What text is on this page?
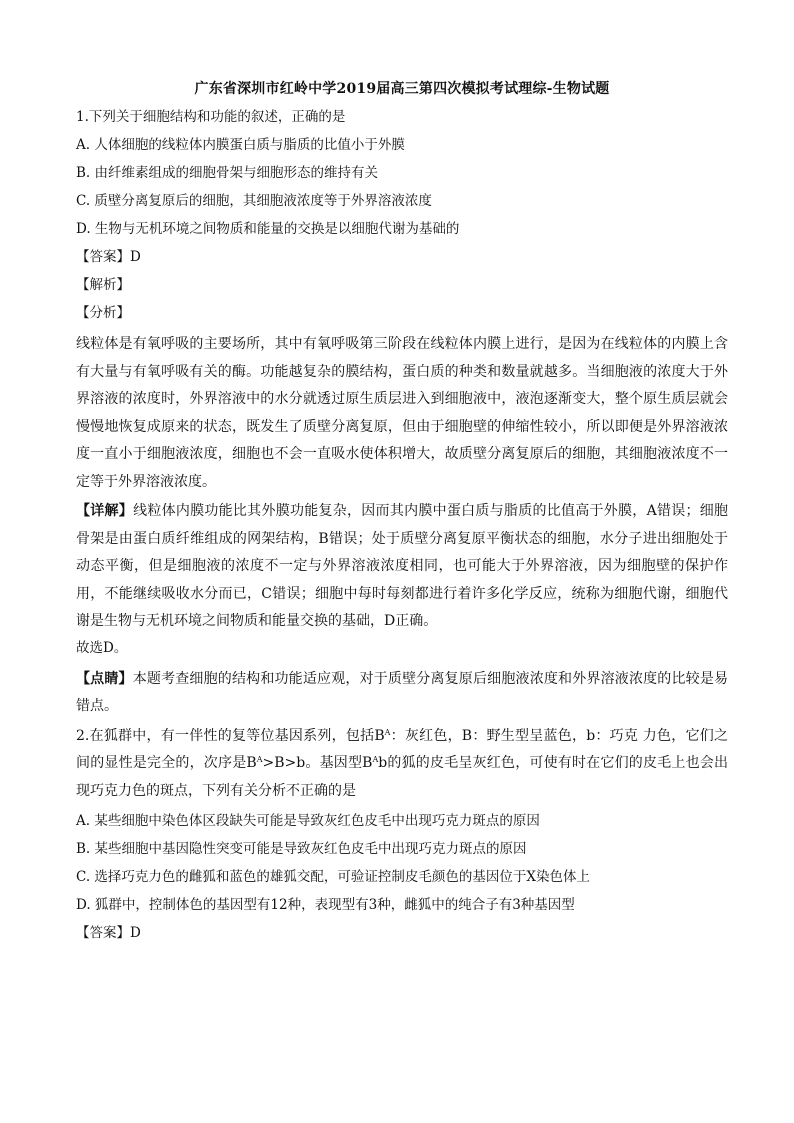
广东省深圳市红岭中学2019届高三第四次模拟考试理综-生物试题
1.下列关于细胞结构和功能的叙述，正确的是
A. 人体细胞的线粒体内膜蛋白质与脂质的比值小于外膜
B. 由纤维素组成的细胞骨架与细胞形态的维持有关
C. 质壁分离复原后的细胞，其细胞液浓度等于外界溶液浓度
D. 生物与无机环境之间物质和能量的交换是以细胞代谢为基础的
【答案】D
【解析】
【分析】
线粒体是有氧呼吸的主要场所，其中有氧呼吸第三阶段在线粒体内膜上进行，是因为在线粒体的内膜上含有大量与有氧呼吸有关的酶。功能越复杂的膜结构，蛋白质的种类和数量就越多。当细胞液的浓度大于外界溶液的浓度时，外界溶液中的水分就透过原生质层进入到细胞液中，液泡逐渐变大，整个原生质层就会慢慢地恢复成原来的状态，既发生了质壁分离复原，但由于细胞壁的伸缩性较小，所以即便是外界溶液浓度一直小于细胞液浓度，细胞也不会一直吸水使体积增大，故质壁分离复原后的细胞，其细胞液浓度不一定等于外界溶液浓度。
【详解】线粒体内膜功能比其外膜功能复杂，因而其内膜中蛋白质与脂质的比值高于外膜，A错误；细胞骨架是由蛋白质纤维组成的网架结构，B错误；处于质壁分离复原平衡状态的细胞，水分子进出细胞处于动态平衡，但是细胞液的浓度不一定与外界溶液浓度相同，也可能大于外界溶液，因为细胞壁的保护作用，不能继续吸收水分而已，C错误；细胞中每时每刻都进行着许多化学反应，统称为细胞代谢，细胞代谢是生物与无机环境之间物质和能量交换的基础，D正确。
故选D。
【点睛】本题考查细胞的结构和功能适应观，对于质壁分离复原后细胞液浓度和外界溶液浓度的比较是易错点。
2.在狐群中，有一伴性的复等位基因系列，包括$B^A$：灰红色，B：野生型呈蓝色，b：巧克 力色，它们之间的显性是完全的，次序是$B^A>B>b$。基因型$B^Ab$的狐的皮毛呈灰红色，可使有时在它们的皮毛上也会出现巧克力色的斑点，下列有关分析不正确的是
A. 某些细胞中染色体区段缺失可能是导致灰红色皮毛中出现巧克力斑点的原因
B. 某些细胞中基因隐性突变可能是导致灰红色皮毛中出现巧克力斑点的原因
C. 选择巧克力色的雌狐和蓝色的雄狐交配，可验证控制皮毛颜色的基因位于X染色体上
D. 狐群中，控制体色的基因型有12种，表现型有3种，雌狐中的纯合子有3种基因型
【答案】D
